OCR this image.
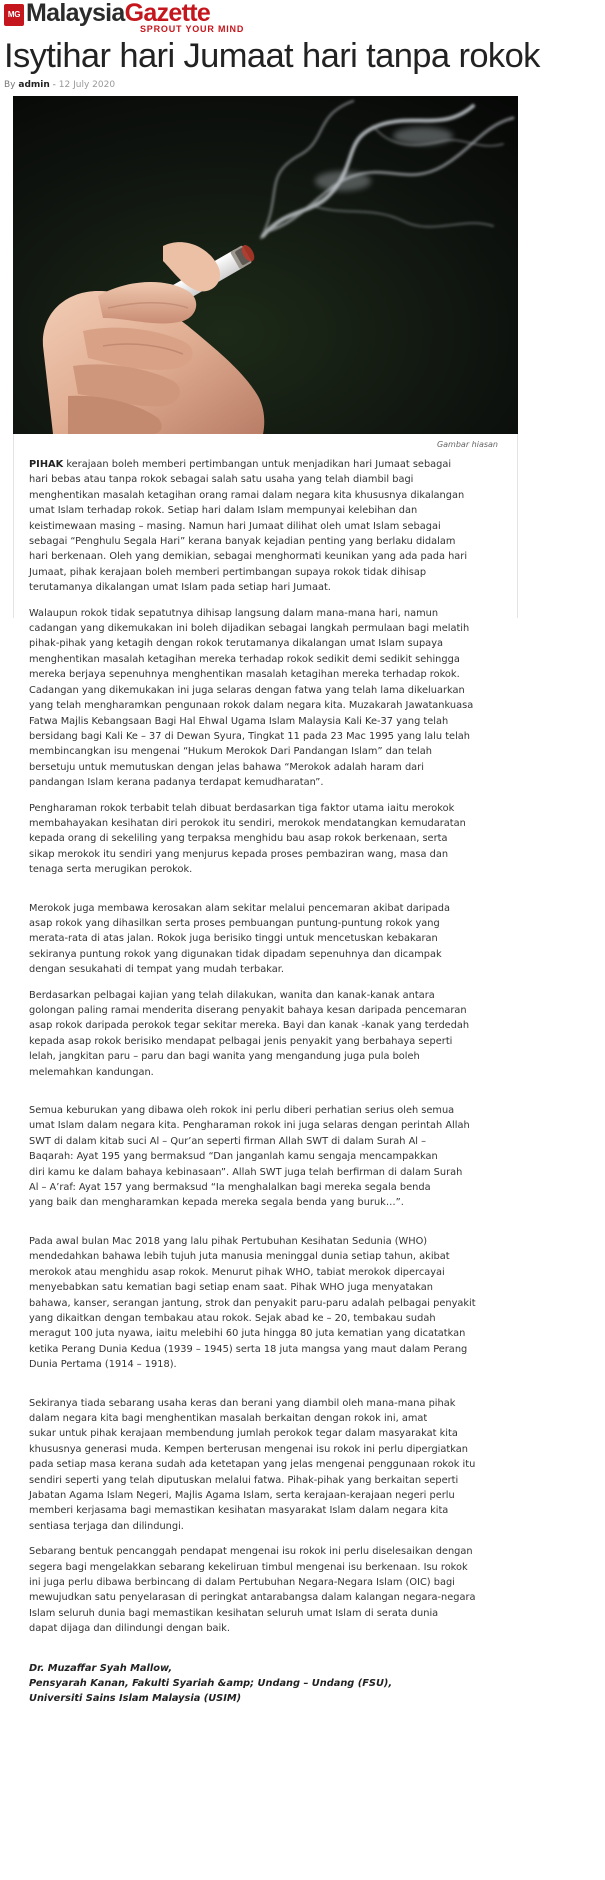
MG MalaysiaGazette
SPROUT YOUR MIND
Isytihar hari Jumaat hari tanpa rokok
By admin - 12 July 2020
Gambar hiasan

PIHAK kerajaan boleh memberi pertimbangan untuk menjadikan hari Jumaat sebagai
hari bebas atau tanpa rokok sebagai salah satu usaha yang telah diambil bagi
menghentikan masalah ketagihan orang ramai dalam negara kita khususnya dikalangan
umat Islam terhadap rokok. Setiap hari dalam Islam mempunyai kelebihan dan
keistimewaan masing – masing. Namun hari Jumaat dilihat oleh umat Islam sebagai
sebagai “Penghulu Segala Hari” kerana banyak kejadian penting yang berlaku didalam
hari berkenaan. Oleh yang demikian, sebagai menghormati keunikan yang ada pada hari
Jumaat, pihak kerajaan boleh memberi pertimbangan supaya rokok tidak dihisap
terutamanya dikalangan umat Islam pada setiap hari Jumaat.

Walaupun rokok tidak sepatutnya dihisap langsung dalam mana-mana hari, namun
cadangan yang dikemukakan ini boleh dijadikan sebagai langkah permulaan bagi melatih
pihak-pihak yang ketagih dengan rokok terutamanya dikalangan umat Islam supaya
menghentikan masalah ketagihan mereka terhadap rokok sedikit demi sedikit sehingga
mereka berjaya sepenuhnya menghentikan masalah ketagihan mereka terhadap rokok.
Cadangan yang dikemukakan ini juga selaras dengan fatwa yang telah lama dikeluarkan
yang telah mengharamkan pengunaan rokok dalam negara kita. Muzakarah Jawatankuasa
Fatwa Majlis Kebangsaan Bagi Hal Ehwal Ugama Islam Malaysia Kali Ke-37 yang telah
bersidang bagi Kali Ke – 37 di Dewan Syura, Tingkat 11 pada 23 Mac 1995 yang lalu telah
membincangkan isu mengenai “Hukum Merokok Dari Pandangan Islam” dan telah
bersetuju untuk memutuskan dengan jelas bahawa “Merokok adalah haram dari
pandangan Islam kerana padanya terdapat kemudharatan”.

Pengharaman rokok terbabit telah dibuat berdasarkan tiga faktor utama iaitu merokok
membahayakan kesihatan diri perokok itu sendiri, merokok mendatangkan kemudaratan
kepada orang di sekeliling yang terpaksa menghidu bau asap rokok berkenaan, serta
sikap merokok itu sendiri yang menjurus kepada proses pembaziran wang, masa dan
tenaga serta merugikan perokok.

Merokok juga membawa kerosakan alam sekitar melalui pencemaran akibat daripada
asap rokok yang dihasilkan serta proses pembuangan puntung-puntung rokok yang
merata-rata di atas jalan. Rokok juga berisiko tinggi untuk mencetuskan kebakaran
sekiranya puntung rokok yang digunakan tidak dipadam sepenuhnya dan dicampak
dengan sesukahati di tempat yang mudah terbakar.

Berdasarkan pelbagai kajian yang telah dilakukan, wanita dan kanak-kanak antara
golongan paling ramai menderita diserang penyakit bahaya kesan daripada pencemaran
asap rokok daripada perokok tegar sekitar mereka. Bayi dan kanak -kanak yang terdedah
kepada asap rokok berisiko mendapat pelbagai jenis penyakit yang berbahaya seperti
lelah, jangkitan paru – paru dan bagi wanita yang mengandung juga pula boleh
melemahkan kandungan.

Semua keburukan yang dibawa oleh rokok ini perlu diberi perhatian serius oleh semua
umat Islam dalam negara kita. Pengharaman rokok ini juga selaras dengan perintah Allah
SWT di dalam kitab suci Al – Qur’an seperti firman Allah SWT di dalam Surah Al –
Baqarah: Ayat 195 yang bermaksud “Dan janganlah kamu sengaja mencampakkan
diri kamu ke dalam bahaya kebinasaan”. Allah SWT juga telah berfirman di dalam Surah
Al – A’raf: Ayat 157 yang bermaksud “Ia menghalalkan bagi mereka segala benda
yang baik dan mengharamkan kepada mereka segala benda yang buruk…”.

Pada awal bulan Mac 2018 yang lalu pihak Pertubuhan Kesihatan Sedunia (WHO)
mendedahkan bahawa lebih tujuh juta manusia meninggal dunia setiap tahun, akibat
merokok atau menghidu asap rokok. Menurut pihak WHO, tabiat merokok dipercayai
menyebabkan satu kematian bagi setiap enam saat. Pihak WHO juga menyatakan
bahawa, kanser, serangan jantung, strok dan penyakit paru-paru adalah pelbagai penyakit
yang dikaitkan dengan tembakau atau rokok. Sejak abad ke – 20, tembakau sudah
meragut 100 juta nyawa, iaitu melebihi 60 juta hingga 80 juta kematian yang dicatatkan
ketika Perang Dunia Kedua (1939 – 1945) serta 18 juta mangsa yang maut dalam Perang
Dunia Pertama (1914 – 1918).

Sekiranya tiada sebarang usaha keras dan berani yang diambil oleh mana-mana pihak
dalam negara kita bagi menghentikan masalah berkaitan dengan rokok ini, amat
sukar untuk pihak kerajaan membendung jumlah perokok tegar dalam masyarakat kita
khususnya generasi muda. Kempen berterusan mengenai isu rokok ini perlu dipergiatkan
pada setiap masa kerana sudah ada ketetapan yang jelas mengenai penggunaan rokok itu
sendiri seperti yang telah diputuskan melalui fatwa. Pihak-pihak yang berkaitan seperti
Jabatan Agama Islam Negeri, Majlis Agama Islam, serta kerajaan-kerajaan negeri perlu
memberi kerjasama bagi memastikan kesihatan masyarakat Islam dalam negara kita
sentiasa terjaga dan dilindungi.

Sebarang bentuk pencanggah pendapat mengenai isu rokok ini perlu diselesaikan dengan
segera bagi mengelakkan sebarang kekeliruan timbul mengenai isu berkenaan. Isu rokok
ini juga perlu dibawa berbincang di dalam Pertubuhan Negara-Negara Islam (OIC) bagi
mewujudkan satu penyelarasan di peringkat antarabangsa dalam kalangan negara-negara
Islam seluruh dunia bagi memastikan kesihatan seluruh umat Islam di serata dunia
dapat dijaga dan dilindungi dengan baik.

Dr. Muzaffar Syah Mallow,
Pensyarah Kanan, Fakulti Syariah &amp; Undang – Undang (FSU),
Universiti Sains Islam Malaysia (USIM)
